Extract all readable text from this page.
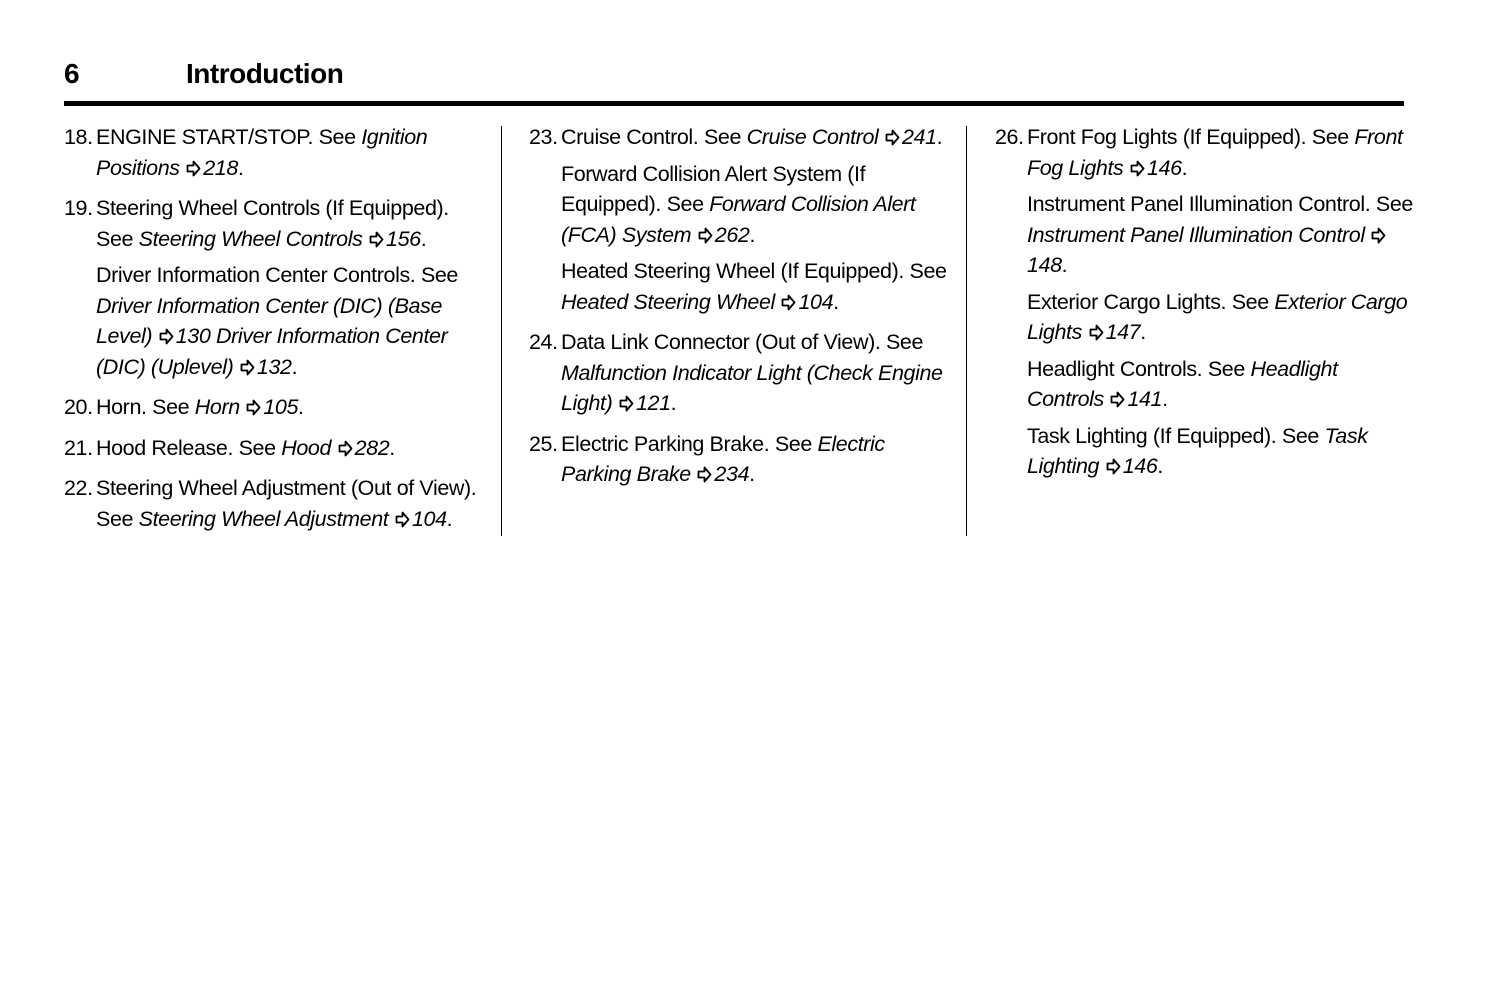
6	Introduction
18. ENGINE START/STOP. See Ignition Positions 218.
19. Steering Wheel Controls (If Equipped). See Steering Wheel Controls 156.
Driver Information Center Controls. See Driver Information Center (DIC) (Base Level) 130 Driver Information Center (DIC) (Uplevel) 132.
20. Horn. See Horn 105.
21. Hood Release. See Hood 282.
22. Steering Wheel Adjustment (Out of View). See Steering Wheel Adjustment 104.
23. Cruise Control. See Cruise Control 241.
Forward Collision Alert System (If Equipped). See Forward Collision Alert (FCA) System 262.
Heated Steering Wheel (If Equipped). See Heated Steering Wheel 104.
24. Data Link Connector (Out of View). See Malfunction Indicator Light (Check Engine Light) 121.
25. Electric Parking Brake. See Electric Parking Brake 234.
26. Front Fog Lights (If Equipped). See Front Fog Lights 146.
Instrument Panel Illumination Control. See Instrument Panel Illumination Control 148.
Exterior Cargo Lights. See Exterior Cargo Lights 147.
Headlight Controls. See Headlight Controls 141.
Task Lighting (If Equipped). See Task Lighting 146.
